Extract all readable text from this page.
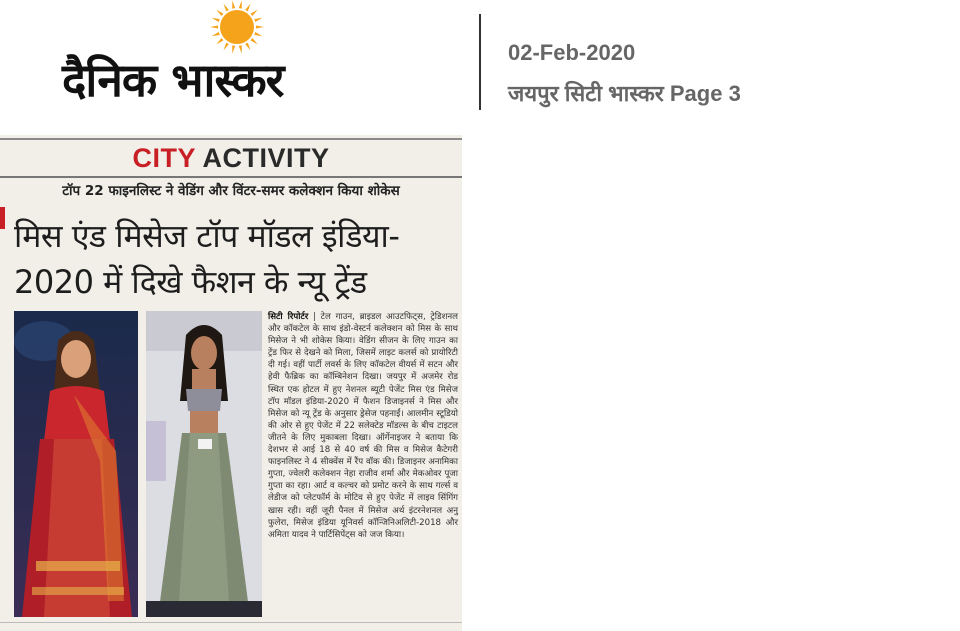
दैनिक भास्कर
02-Feb-2020
जयपुर सिटी भास्कर Page 3
CITY ACTIVITY
टॉप 22 फाइनलिस्ट ने वेडिंग और विंटर-समर कलेक्शन किया शोकेस
मिस एंड मिसेज टॉप मॉडल इंडिया-
2020 में दिखे फैशन के न्यू ट्रेंड
सिटी रिपोर्टर | टेल गाउन, ब्राइडल आउटफिट्स, ट्रेडिशनल और कॉकटेल के साथ इंडो-वेस्टर्न कलेक्शन को मिस के साथ मिसेज ने भी शोकेस किया। वेडिंग सीजन के लिए गाउन का ट्रेंड फिर से देखने को मिला, जिसमें लाइट कलर्स को प्रायोरिटी दी गई। वहीं पार्टी लवर्स के लिए कॉकटेल वीयर्स में सटन और हेवी फैब्रिक का कॉम्बिनेशन दिखा। जयपुर में अजमेर रोड स्थित एक होटल में हुए नेशनल ब्यूटी पेजेंट मिस एंड मिसेज टॉप मॉडल इंडिया-2020 में फैशन डिजाइनर्स ने मिस और मिसेज को न्यू ट्रेंड के अनुसार ड्रेसेज पहनाईं। आलमीन स्टूडियो की ओर से हुए पेजेंट में 22 सलेक्टेड मॉडल्स के बीच टाइटल जीतने के लिए मुकाबला दिखा। ऑर्गेनाइजर ने बताया कि देशभर से आई 18 से 40 वर्ष की मिस व मिसेज कैटेगरी फाइनलिस्ट ने 4 सीक्वेंस में रैंप वॉक की। डिजाइनर अनामिका गुप्ता, ज्वेलरी कलेक्शन नेहा राजीव शर्मा और मेकओवर पूजा गुप्ता का रहा। आर्ट व कल्चर को प्रमोट करने के साथ गर्ल्स व लेडीज को प्लेटफॉर्म के मोटिव से हुए पेजेंट में लाइव सिंगिंग खास रही। वहीं जूरी पैनल में मिसेज अर्थ इंटरनेशनल अनु फुलेरा, मिसेज इंडिया यूनिवर्स कॉन्जिनिअलिटी-2018 और अमिता यादव ने पार्टिसिपेंट्स को जज किया।
